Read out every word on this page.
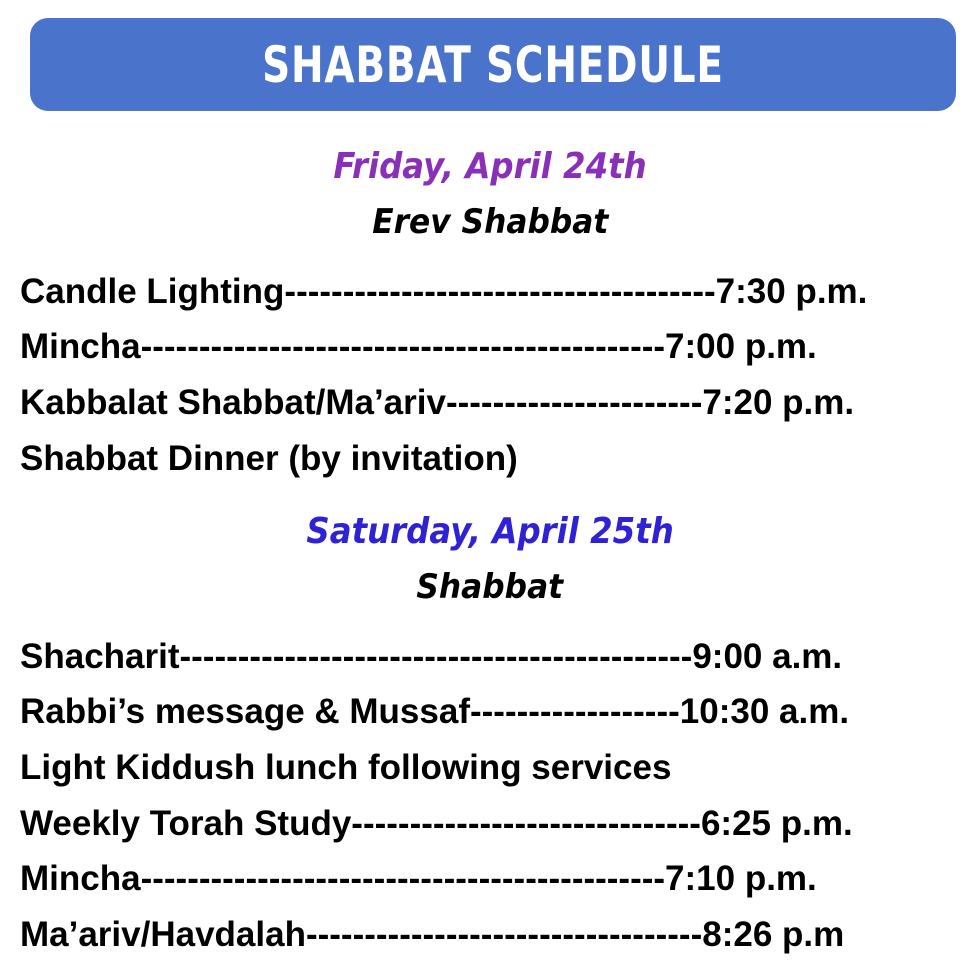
SHABBAT SCHEDULE
Friday, April 24th
Erev Shabbat
Candle Lighting-------------------------------------7:30 p.m.
Mincha---------------------------------------------7:00 p.m.
Kabbalat Shabbat/Ma’ariv----------------------7:20 p.m.
Shabbat Dinner (by invitation)
Saturday, April 25th
Shabbat
Shacharit--------------------------------------------9:00 a.m.
Rabbi’s message & Mussaf------------------10:30 a.m.
Light Kiddush lunch following services
Weekly Torah Study------------------------------6:25 p.m.
Mincha---------------------------------------------7:10 p.m.
Ma’ariv/Havdalah----------------------------------8:26 p.m
